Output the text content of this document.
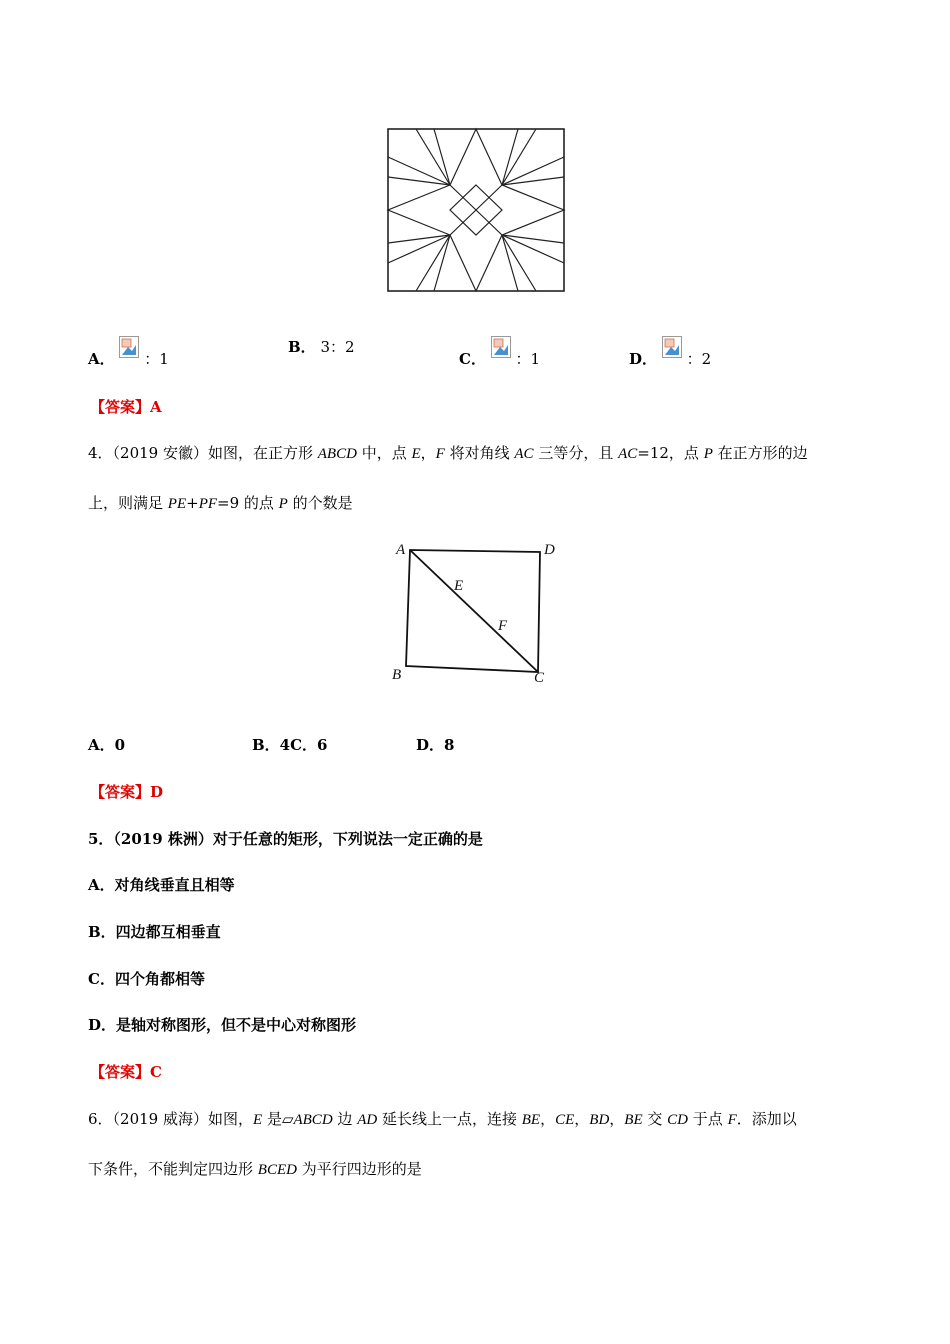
A． ：1
B． 3：2
C． ：1	D． ：2
【答案】A
4．（2019 安徽）如图，在正方形 ABCD 中，点 E，F 将对角线 AC 三等分，且 AC=12，点 P 在正方形的边
上，则满足 PE+PF=9 的点 P 的个数是
A	D
B	C
E
F
A．0	B．4C．6	D．8
【答案】D
5．（2019 株洲）对于任意的矩形，下列说法一定正确的是
A．对角线垂直且相等
B．四边都互相垂直
C．四个角都相等
D．是轴对称图形，但不是中心对称图形
【答案】C
6．（2019 威海）如图，E 是▱ABCD 边 AD 延长线上一点，连接 BE，CE，BD，BE 交 CD 于点 F．添加以
下条件，不能判定四边形 BCED 为平行四边形的是
